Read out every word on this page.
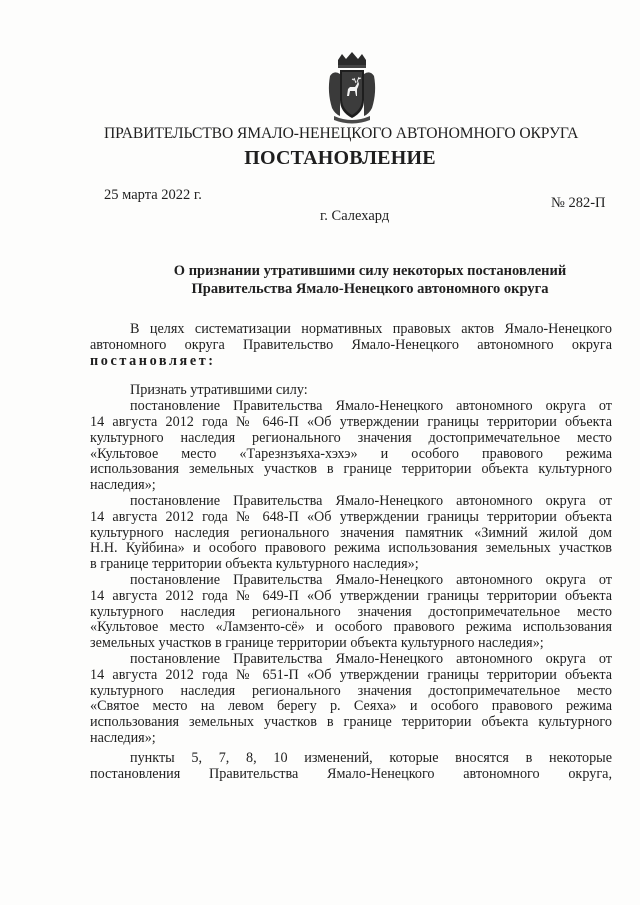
ПРАВИТЕЛЬСТВО ЯМАЛО-НЕНЕЦКОГО АВТОНОМНОГО ОКРУГА
ПОСТАНОВЛЕНИЕ
25 марта 2022 г.	№ 282-П
г. Салехард
О признании утратившими силу некоторых постановлений
Правительства Ямало-Ненецкого автономного округа
В целях систематизации нормативных правовых актов Ямало-Ненецкого
автономного округа Правительство Ямало-Ненецкого автономного округа
постановляет:
Признать утратившими силу:
постановление Правительства Ямало-Ненецкого автономного округа от
14 августа 2012 года № 646-П «Об утверждении границы территории объекта
культурного наследия регионального значения достопримечательное место
«Культовое место «Тарезнзъяха-хэхэ» и особого правового режима
использования земельных участков в границе территории объекта культурного
наследия»;
постановление Правительства Ямало-Ненецкого автономного округа от
14 августа 2012 года № 648-П «Об утверждении границы территории объекта
культурного наследия регионального значения памятник «Зимний жилой дом
Н.Н. Куйбина» и особого правового режима использования земельных участков
в границе территории объекта культурного наследия»;
постановление Правительства Ямало-Ненецкого автономного округа от
14 августа 2012 года № 649-П «Об утверждении границы территории объекта
культурного наследия регионального значения достопримечательное место
«Культовое место «Ламзенто-сё» и особого правового режима использования
земельных участков в границе территории объекта культурного наследия»;
постановление Правительства Ямало-Ненецкого автономного округа от
14 августа 2012 года № 651-П «Об утверждении границы территории объекта
культурного наследия регионального значения достопримечательное место
«Святое место на левом берегу р. Сеяха» и особого правового режима
использования земельных участков в границе территории объекта культурного
наследия»;
пункты 5, 7, 8, 10 изменений, которые вносятся в некоторые
постановления Правительства Ямало-Ненецкого автономного округа,
